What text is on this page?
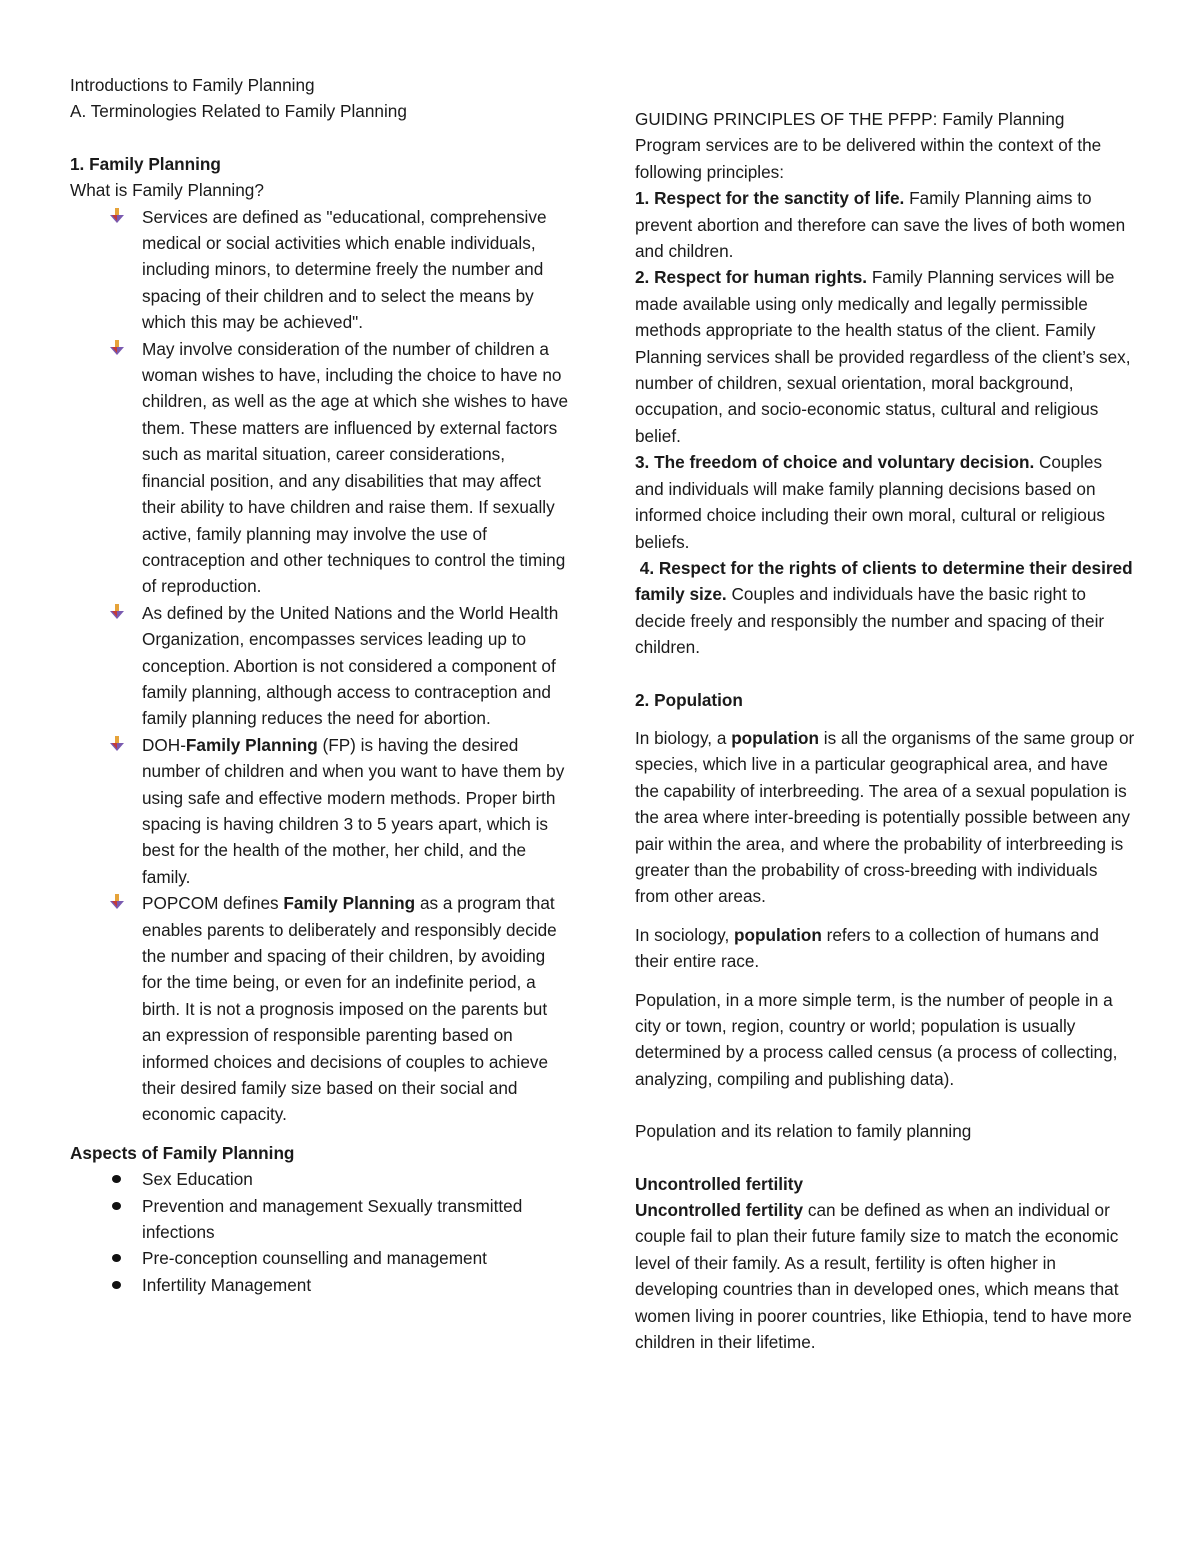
Introductions to Family Planning

A. Terminologies Related to Family Planning

1. Family Planning

What is Family Planning?

Services are defined as "educational, comprehensive medical or social activities which enable individuals, including minors, to determine freely the number and spacing of their children and to select the means by which this may be achieved".
May involve consideration of the number of children a woman wishes to have, including the choice to have no children, as well as the age at which she wishes to have them. These matters are influenced by external factors such as marital situation, career considerations, financial position, and any disabilities that may affect their ability to have children and raise them. If sexually active, family planning may involve the use of contraception and other techniques to control the timing of reproduction.
As defined by the United Nations and the World Health Organization, encompasses services leading up to conception. Abortion is not considered a component of family planning, although access to contraception and family planning reduces the need for abortion.
DOH-Family Planning (FP) is having the desired number of children and when you want to have them by using safe and effective modern methods. Proper birth spacing is having children 3 to 5 years apart, which is best for the health of the mother, her child, and the family.
POPCOM defines Family Planning as a program that enables parents to deliberately and responsibly decide the number and spacing of their children, by avoiding for the time being, or even for an indefinite period, a birth. It is not a prognosis imposed on the parents but an expression of responsible parenting based on informed choices and decisions of couples to achieve their desired family size based on their social and economic capacity.

Aspects of Family Planning

Sex Education
Prevention and management Sexually transmitted infections
Pre-conception counselling and management
Infertility Management

GUIDING PRINCIPLES OF THE PFPP: Family Planning Program services are to be delivered within the context of the following principles:

1. Respect for the sanctity of life. Family Planning aims to prevent abortion and therefore can save the lives of both women and children.

2. Respect for human rights. Family Planning services will be made available using only medically and legally permissible methods appropriate to the health status of the client. Family Planning services shall be provided regardless of the client’s sex, number of children, sexual orientation, moral background, occupation, and socio-economic status, cultural and religious belief.

3. The freedom of choice and voluntary decision. Couples and individuals will make family planning decisions based on informed choice including their own moral, cultural or religious beliefs.

4. Respect for the rights of clients to determine their desired family size. Couples and individuals have the basic right to decide freely and responsibly the number and spacing of their children.

2. Population

In biology, a population is all the organisms of the same group or species, which live in a particular geographical area, and have the capability of interbreeding. The area of a sexual population is the area where inter-breeding is potentially possible between any pair within the area, and where the probability of interbreeding is greater than the probability of cross-breeding with individuals from other areas.

In sociology, population refers to a collection of humans and their entire race.

Population, in a more simple term, is the number of people in a city or town, region, country or world; population is usually determined by a process called census (a process of collecting, analyzing, compiling and publishing data).

Population and its relation to family planning

Uncontrolled fertility

Uncontrolled fertility can be defined as when an individual or couple fail to plan their future family size to match the economic level of their family. As a result, fertility is often higher in developing countries than in developed ones, which means that women living in poorer countries, like Ethiopia, tend to have more children in their lifetime.
